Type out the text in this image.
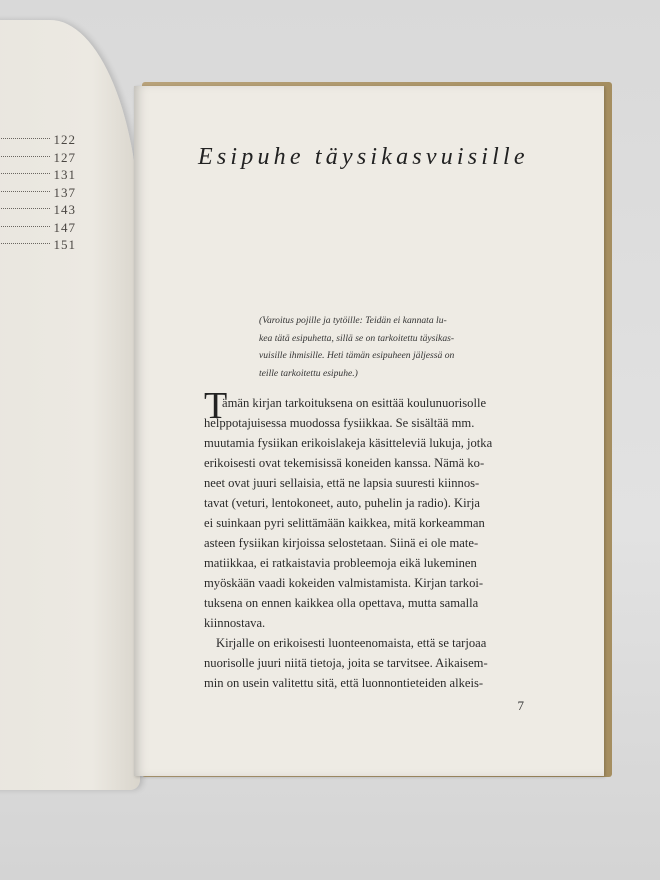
122
127
131
137
143
147
151
Esipuhe täysikasvuisille
(Varoitus pojille ja tytöille: Teidän ei kannata lu-
kea tätä esipuhetta, sillä se on tarkoitettu täysikas-
vuisille ihmisille. Heti tämän esipuheen jäljessä on
teille tarkoitettu esipuhe.)
T
ämän kirjan tarkoituksena on esittää koulunuorisolle
helppotajuisessa muodossa fysiikkaa. Se sisältää mm.
muutamia fysiikan erikoislakeja käsitteleviä lukuja, jotka
erikoisesti ovat tekemisissä koneiden kanssa. Nämä ko-
neet ovat juuri sellaisia, että ne lapsia suuresti kiinnos-
tavat (veturi, lentokoneet, auto, puhelin ja radio). Kirja
ei suinkaan pyri selittämään kaikkea, mitä korkeamman
asteen fysiikan kirjoissa selostetaan. Siinä ei ole mate-
matiikkaa, ei ratkaistavia probleemoja eikä lukeminen
myöskään vaadi kokeiden valmistamista. Kirjan tarkoi-
tuksena on ennen kaikkea olla opettava, mutta samalla
kiinnostava.
Kirjalle on erikoisesti luonteenomaista, että se tarjoaa
nuorisolle juuri niitä tietoja, joita se tarvitsee. Aikaisem-
min on usein valitettu sitä, että luonnontieteiden alkeis-
7
